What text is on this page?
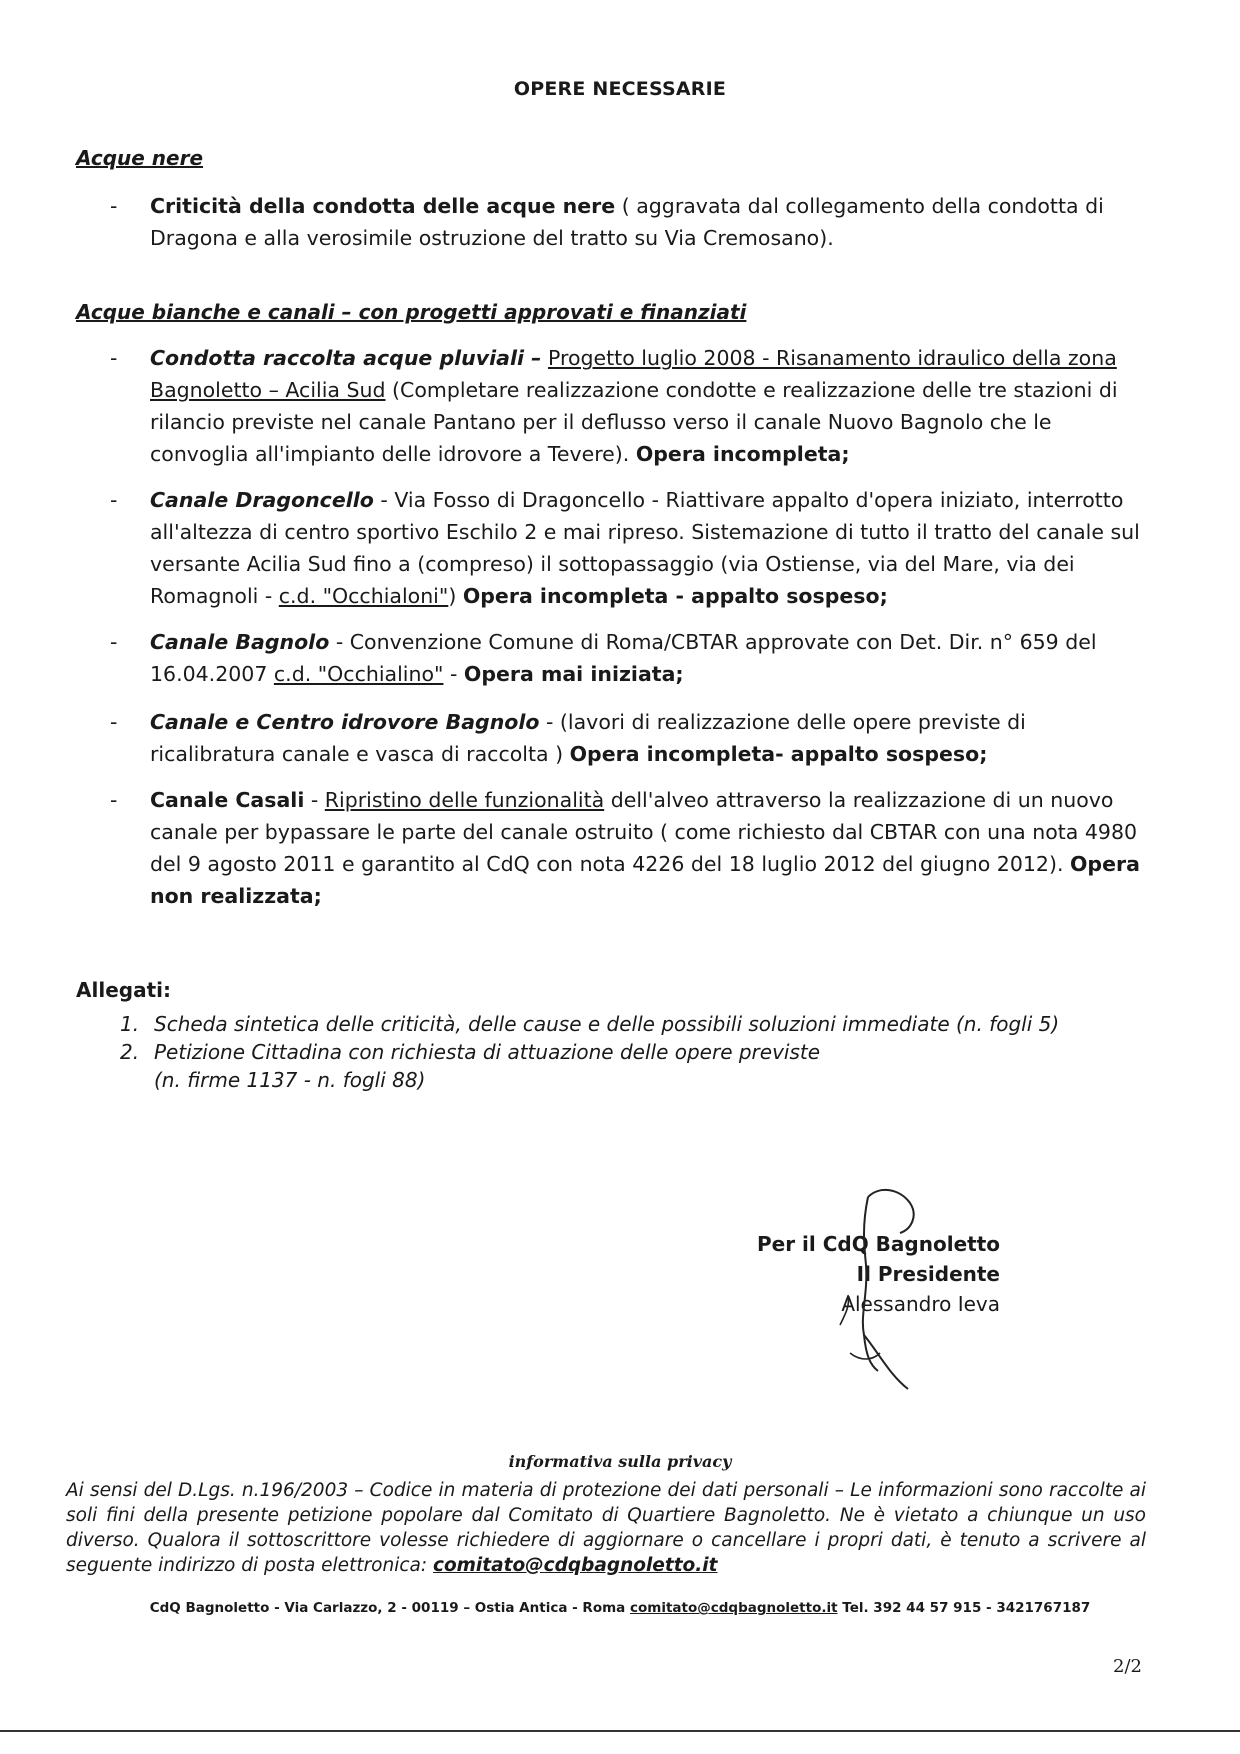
OPERE NECESSARIE
Acque nere
-	Criticità della condotta delle acque nere ( aggravata dal collegamento della condotta di Dragona e alla verosimile ostruzione del tratto su Via Cremosano).
Acque bianche e canali – con progetti approvati e finanziati
-	Condotta raccolta acque pluviali – Progetto luglio 2008 - Risanamento idraulico della zona Bagnoletto – Acilia Sud (Completare realizzazione condotte e realizzazione delle tre stazioni di rilancio previste nel canale Pantano per il deflusso verso il canale Nuovo Bagnolo che le convoglia all'impianto delle idrovore a Tevere). Opera incompleta;
-	Canale Dragoncello - Via Fosso di Dragoncello - Riattivare appalto d'opera iniziato, interrotto all'altezza di centro sportivo Eschilo 2 e mai ripreso. Sistemazione di tutto il tratto del canale sul versante Acilia Sud fino a (compreso) il sottopassaggio (via Ostiense, via del Mare, via dei Romagnoli - c.d. "Occhialoni") Opera incompleta - appalto sospeso;
-	Canale Bagnolo - Convenzione Comune di Roma/CBTAR approvate con Det. Dir. n° 659 del 16.04.2007 c.d. "Occhialino" - Opera mai iniziata;
-	Canale e Centro idrovore Bagnolo - (lavori di realizzazione delle opere previste di ricalibratura canale e vasca di raccolta ) Opera incompleta- appalto sospeso;
-	Canale Casali - Ripristino delle funzionalità dell'alveo attraverso la realizzazione di un nuovo canale per bypassare le parte del canale ostruito ( come richiesto dal CBTAR con una nota 4980 del 9 agosto 2011 e garantito al CdQ con nota 4226 del 18 luglio 2012 del giugno 2012). Opera non realizzata;
Allegati:
1. Scheda sintetica delle criticità, delle cause e delle possibili soluzioni immediate (n. fogli 5)
2. Petizione Cittadina con richiesta di attuazione delle opere previste
(n. firme 1137 - n. fogli 88)
Per il CdQ Bagnoletto
Il Presidente
Alessandro Ieva
informativa sulla privacy
Ai sensi del D.Lgs. n.196/2003 – Codice in materia di protezione dei dati personali – Le informazioni sono raccolte ai soli fini della presente petizione popolare dal Comitato di Quartiere Bagnoletto. Ne è vietato a chiunque un uso diverso. Qualora il sottoscrittore volesse richiedere di aggiornare o cancellare i propri dati, è tenuto a scrivere al seguente indirizzo di posta elettronica: comitato@cdqbagnoletto.it
CdQ Bagnoletto - Via Carlazzo, 2 - 00119 – Ostia Antica - Roma comitato@cdqbagnoletto.it Tel. 392 44 57 915 - 3421767187
2/2
